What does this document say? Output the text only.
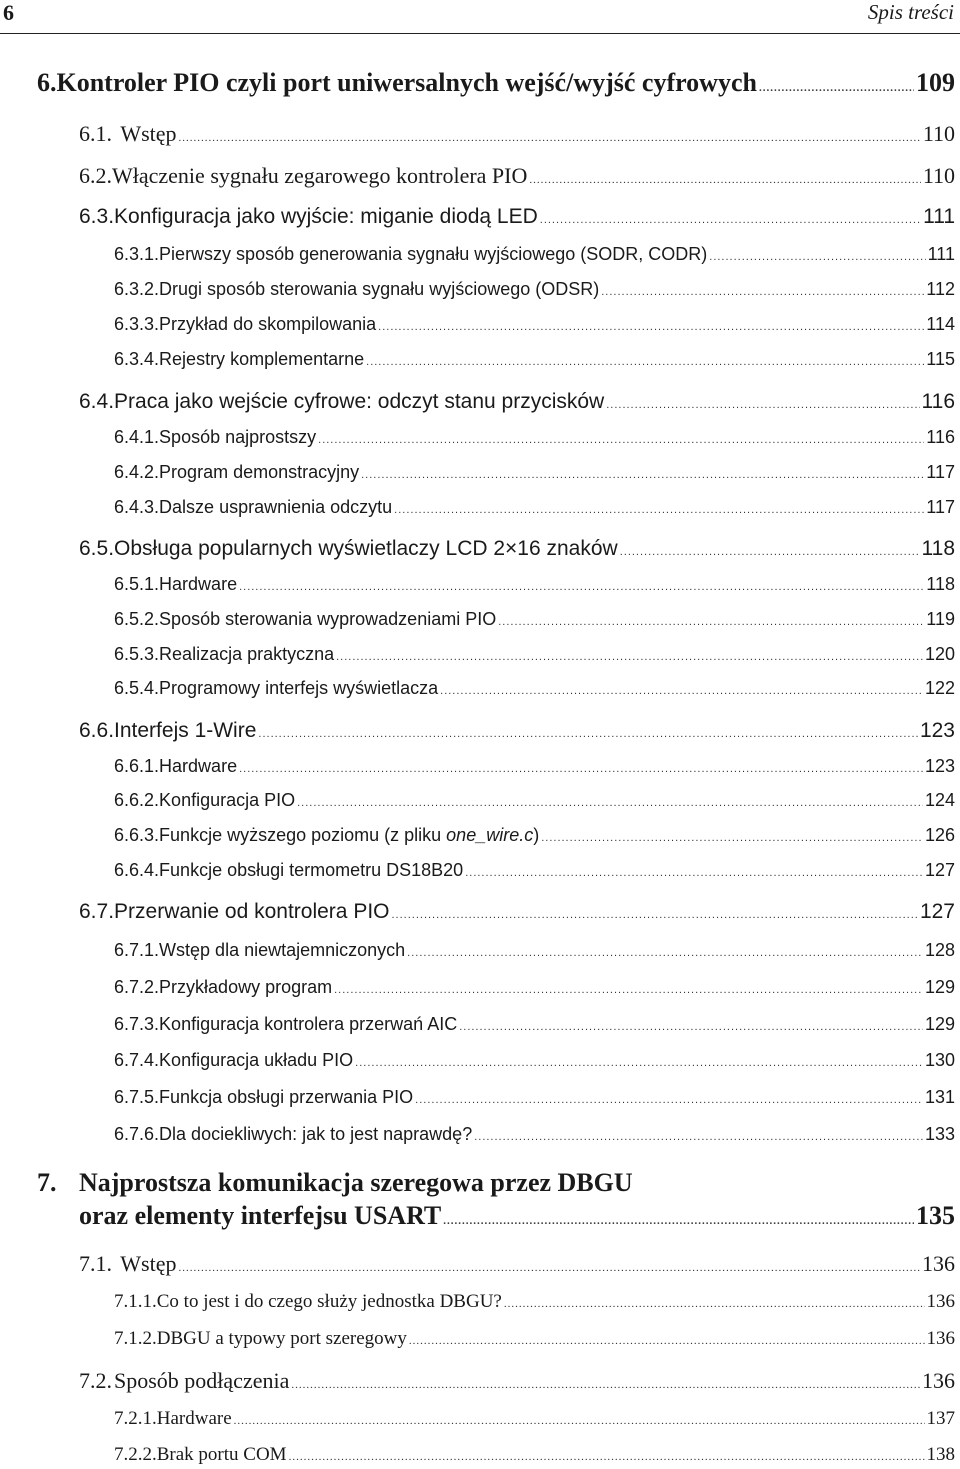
6	Spis treści
6. Kontroler PIO czyli port uniwersalnych wejść/wyjść cyfrowych .....	109
6.1. Wstęp .....	110
6.2. Włączenie sygnału zegarowego kontrolera PIO .....	110
6.3. Konfiguracja jako wyjście: miganie diodą LED .....	111
6.3.1. Pierwszy sposób generowania sygnału wyjściowego (SODR, CODR) .....	111
6.3.2. Drugi sposób sterowania sygnału wyjściowego (ODSR) .....	112
6.3.3. Przykład do skompilowania .....	114
6.3.4. Rejestry komplementarne .....	115
6.4. Praca jako wejście cyfrowe: odczyt stanu przycisków .....	116
6.4.1. Sposób najprostszy .....	116
6.4.2. Program demonstracyjny .....	117
6.4.3. Dalsze usprawnienia odczytu .....	117
6.5. Obsługa popularnych wyświetlaczy LCD 2×16 znaków .....	118
6.5.1. Hardware .....	118
6.5.2. Sposób sterowania wyprowadzeniami PIO .....	119
6.5.3. Realizacja praktyczna .....	120
6.5.4. Programowy interfejs wyświetlacza .....	122
6.6. Interfejs 1-Wire .....	123
6.6.1. Hardware .....	123
6.6.2. Konfiguracja PIO .....	124
6.6.3. Funkcje wyższego poziomu (z pliku one_wire.c) .....	126
6.6.4. Funkcje obsługi termometru DS18B20 .....	127
6.7. Przerwanie od kontrolera PIO .....	127
6.7.1. Wstęp dla niewtajemniczonych .....	128
6.7.2. Przykładowy program .....	129
6.7.3. Konfiguracja kontrolera przerwań AIC .....	129
6.7.4. Konfiguracja układu PIO .....	130
6.7.5. Funkcja obsługi przerwania PIO .....	131
6.7.6. Dla dociekliwych: jak to jest naprawdę? .....	133
7. Najprostsza komunikacja szeregowa przez DBGU
oraz elementy interfejsu USART .....	135
7.1. Wstęp .....	136
7.1.1. Co to jest i do czego służy jednostka DBGU? .....	136
7.1.2. DBGU a typowy port szeregowy .....	136
7.2. Sposób podłączenia .....	136
7.2.1. Hardware .....	137
7.2.2. Brak portu COM .....	138
